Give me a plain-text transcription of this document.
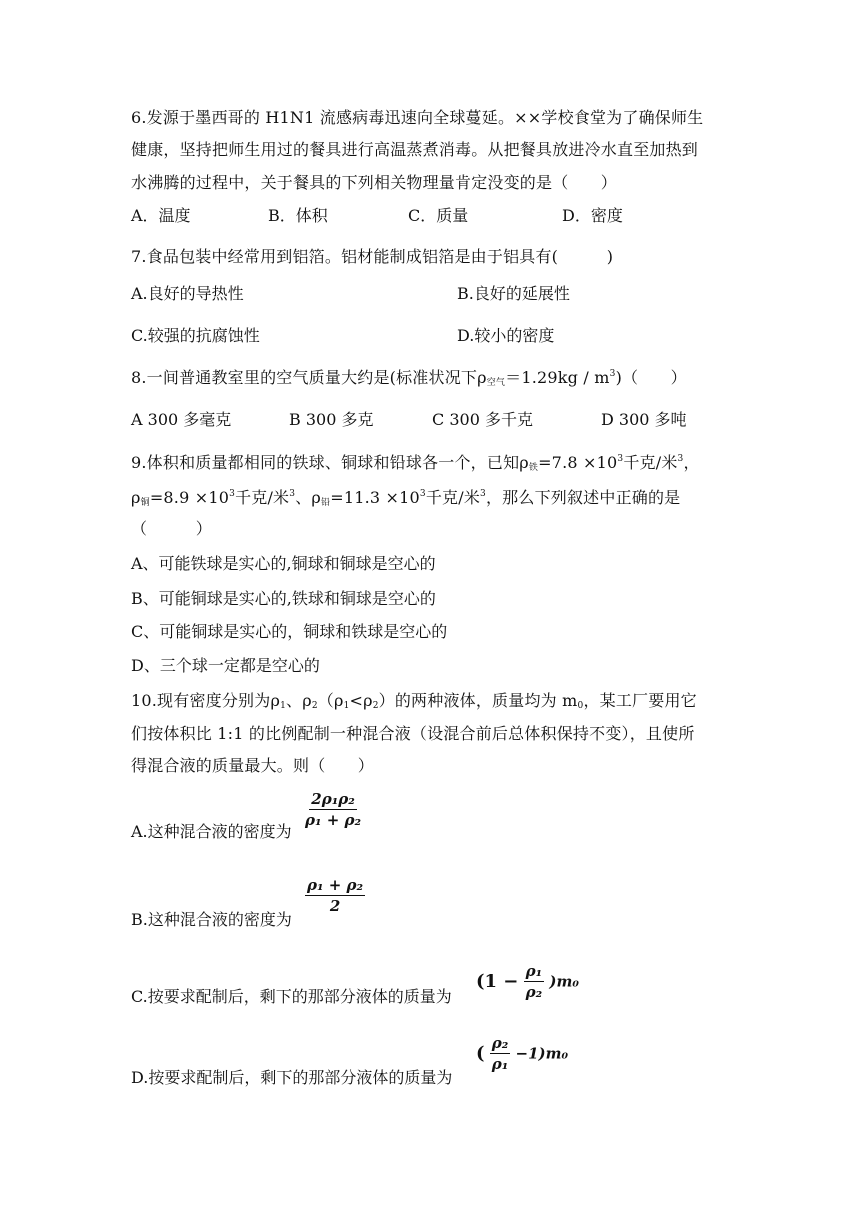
6.发源于墨西哥的 H1N1 流感病毒迅速向全球蔓延。××学校食堂为了确保师生
健康，坚持把师生用过的餐具进行高温蒸煮消毒。从把餐具放进冷水直至加热到
水沸腾的过程中，关于餐具的下列相关物理量肯定没变的是（　　）
A．温度	B．体积	C．质量	D．密度
7.食品包装中经常用到铝箔。铝材能制成铝箔是由于铝具有(　　　)
A.良好的导热性	B.良好的延展性
C.较强的抗腐蚀性	D.较小的密度
8.一间普通教室里的空气质量大约是(标准状况下$\rho_{空气}=1.29kg / m^3$)（　　）
A 300 多毫克	B 300 多克	C 300 多千克	D 300 多吨
9.体积和质量都相同的铁球、铜球和铅球各一个，已知$\rho_铁=7.8 \times 10^3$千克/米$^3$，
$\rho_铜=8.9 \times 10^3$千克/米$^3$、$\rho_铅=11.3 \times 10^3$千克/米$^3$，那么下列叙述中正确的是
（　　　）
A、可能铁球是实心的,铜球和铜球是空心的
B、可能铜球是实心的,铁球和铜球是空心的
C、可能铜球是实心的，铜球和铁球是空心的
D、三个球一定都是空心的
10.现有密度分别为$\rho_1$、$\rho_2(\rho_1<\rho_2)$的两种液体，质量均为 $m_0$，某工厂要用它
们按体积比 1:1 的比例配制一种混合液（设混合前后总体积保持不变），且使所
得混合液的质量最大。则（　　）
A.这种混合液的密度为
$\frac{\text{2ρ₁ρ₂}}{\text{ρ₁ + ρ₂}}$
B.这种混合液的密度为
$\frac{\text{ρ₁ + ρ₂}}{2}$
C.按要求配制后，剩下的那部分液体的质量为
$(1 - \frac{\text{ρ₁}}{\text{ρ₂}} )m_0$
D.按要求配制后，剩下的那部分液体的质量为
( $\frac{\text{ρ₂}}{\text{ρ₁}} -1)m_0$
